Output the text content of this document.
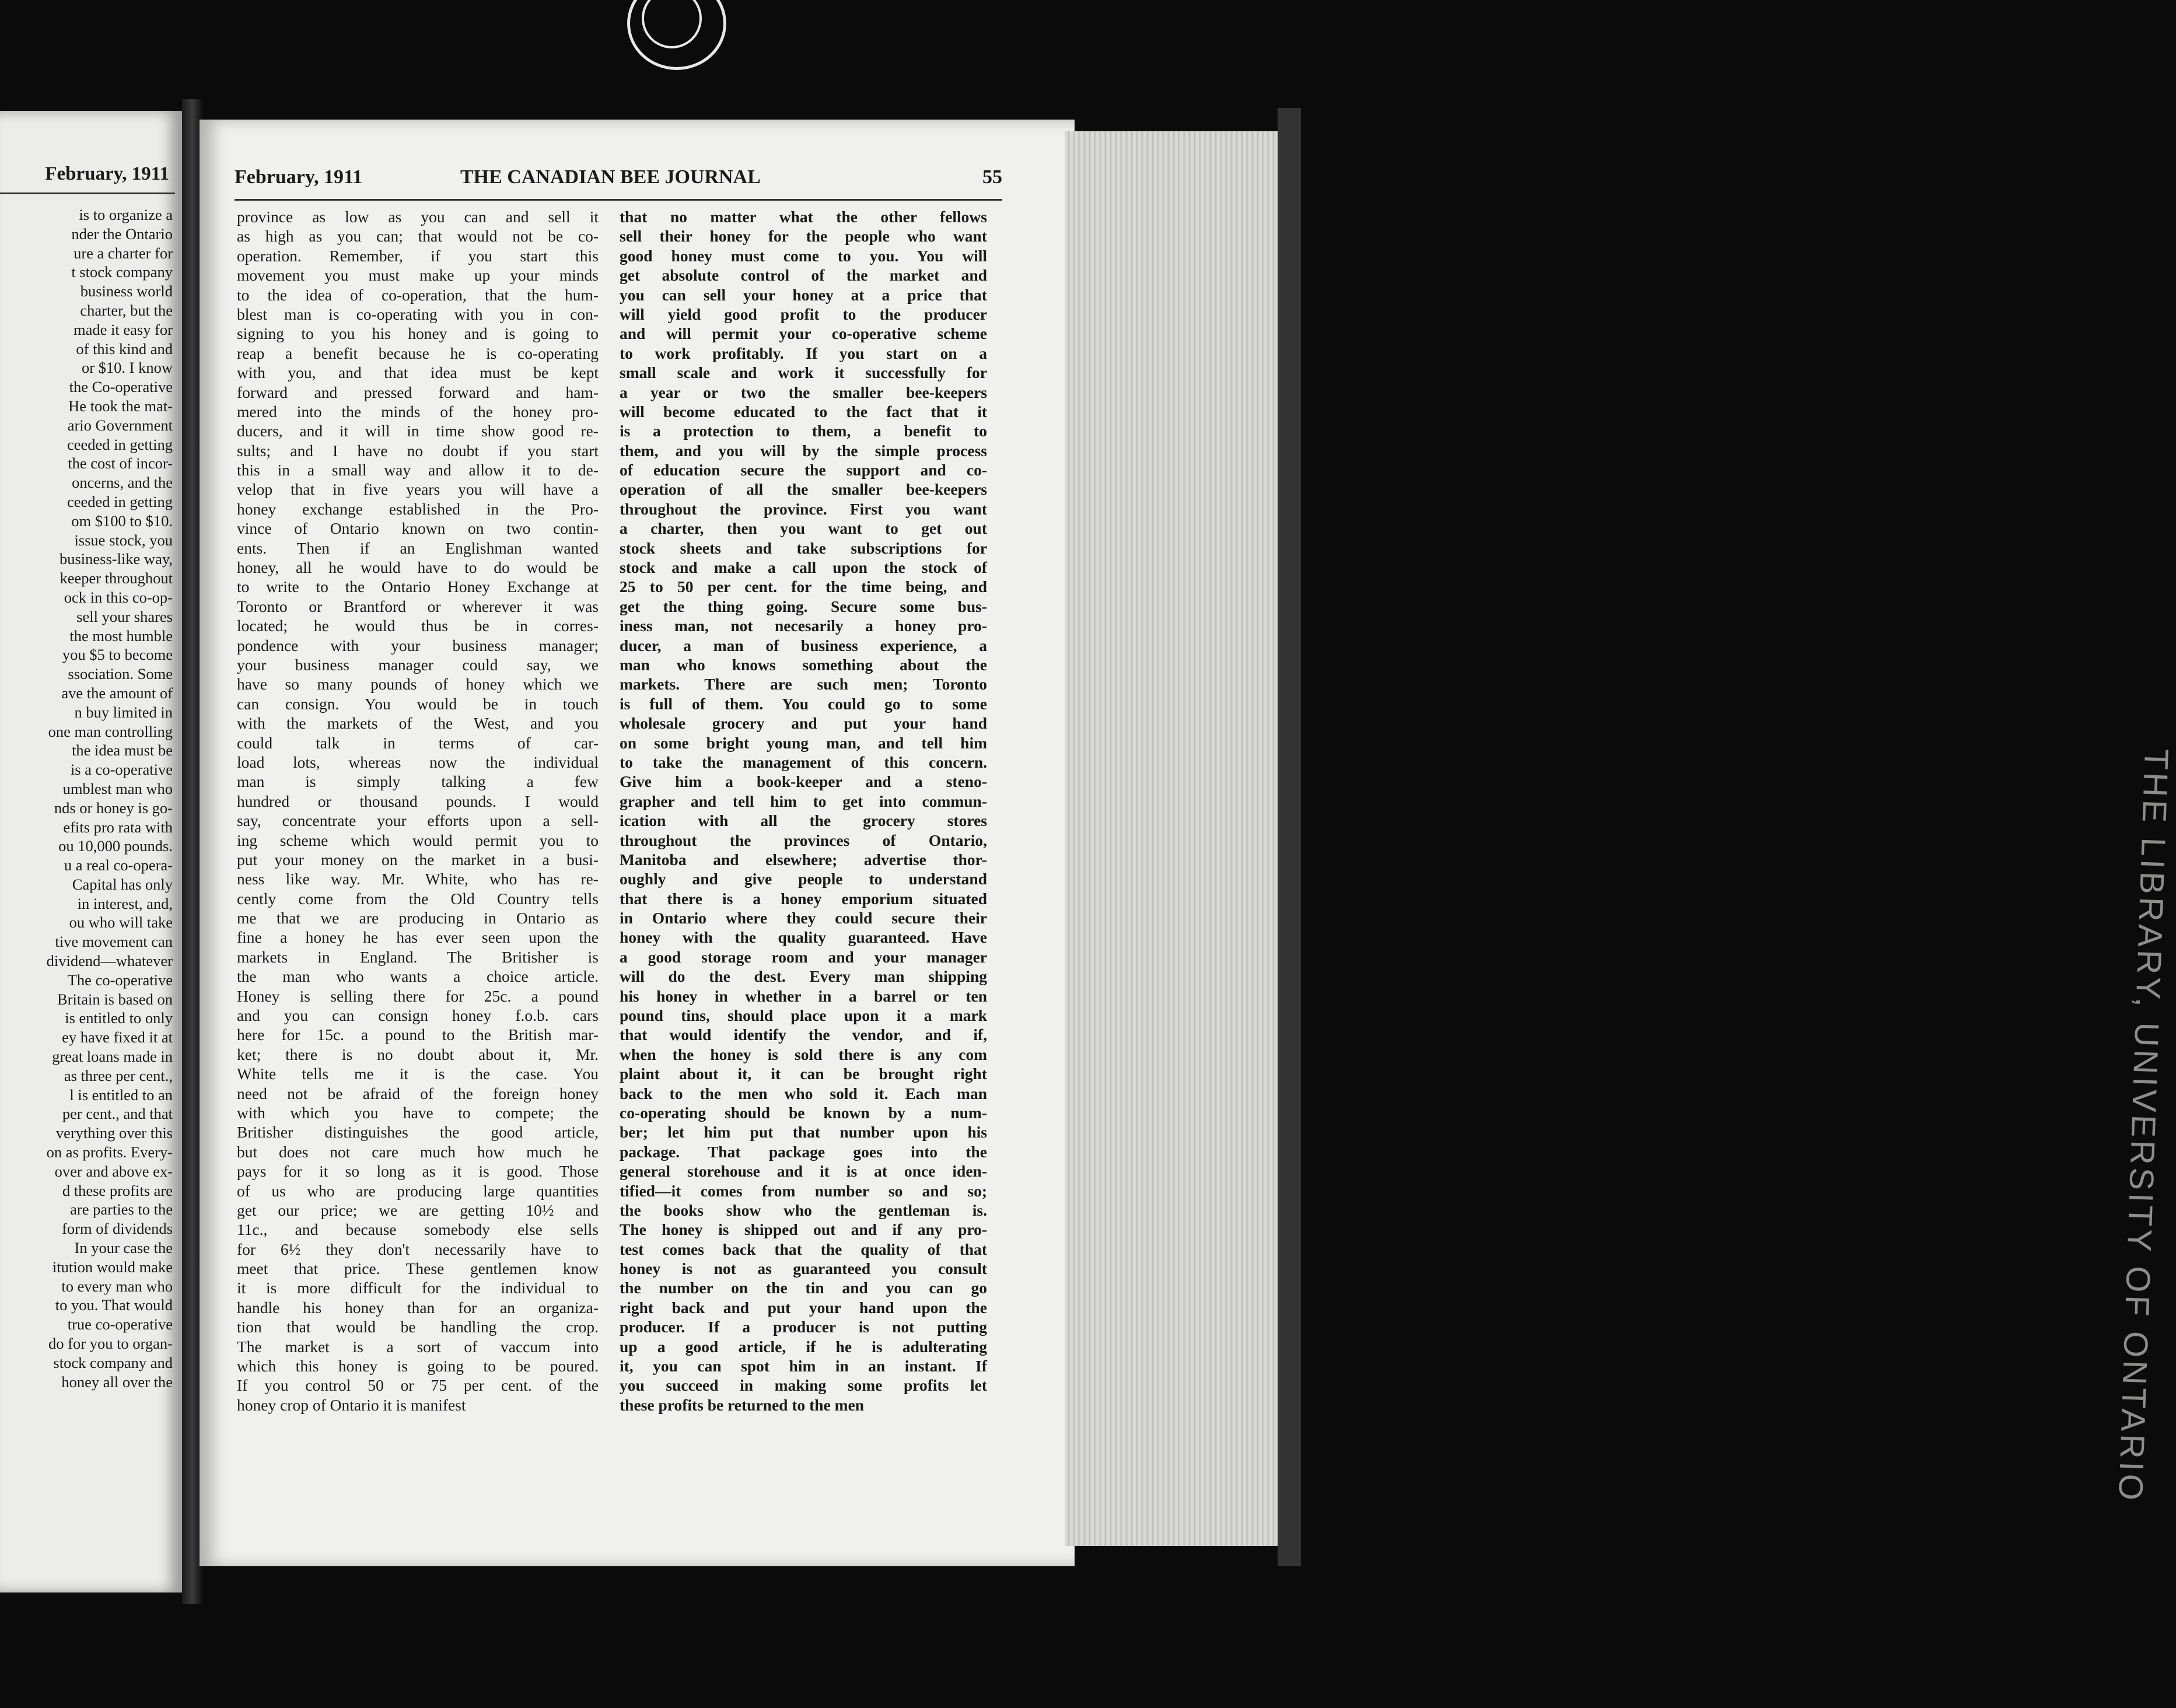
February, 1911
is to organize a
nder the Ontario
ure a charter for
t stock company
business world
charter, but the
made it easy for
of this kind and
or $10. I know
the Co-operative
He took the mat-
ario Government
ceeded in getting
the cost of incor-
oncerns, and the
ceeded in getting
om $100 to $10.
issue stock, you
business-like way,
keeper throughout
ock in this co-op-
sell your shares
the most humble
you $5 to become
ssociation. Some
ave the amount of
n buy limited in
one man controlling
the idea must be
is a co-operative
umblest man who
nds or honey is go-
efits pro rata with
ou 10,000 pounds.
u a real co-opera-
Capital has only
in interest, and,
ou who will take
tive movement can
dividend—whatever
The co-operative
Britain is based on
is entitled to only
ey have fixed it at
great loans made in
as three per cent.,
l is entitled to an
per cent., and that
verything over this
on as profits. Every-
over and above ex-
d these profits are
are parties to the
form of dividends
In your case the
itution would make
to every man who
to you. That would
true co-operative
do for you to organ-
stock company and
honey all over the
February, 1911	THE CANADIAN BEE JOURNAL	55
province as low as you can and sell it
as high as you can; that would not be co-
operation. Remember, if you start this
movement you must make up your minds
to the idea of co-operation, that the hum-
blest man is co-operating with you in con-
signing to you his honey and is going to
reap a benefit because he is co-operating
with you, and that idea must be kept
forward and pressed forward and ham-
mered into the minds of the honey pro-
ducers, and it will in time show good re-
sults; and I have no doubt if you start
this in a small way and allow it to de-
velop that in five years you will have a
honey exchange established in the Pro-
vince of Ontario known on two contin-
ents. Then if an Englishman wanted
honey, all he would have to do would be
to write to the Ontario Honey Exchange at
Toronto or Brantford or wherever it was
located; he would thus be in corres-
pondence with your business manager;
your business manager could say, we
have so many pounds of honey which we
can consign. You would be in touch
with the markets of the West, and you
could talk in terms of car-
load lots, whereas now the individual
man is simply talking a few
hundred or thousand pounds. I would
say, concentrate your efforts upon a sell-
ing scheme which would permit you to
put your money on the market in a busi-
ness like way. Mr. White, who has re-
cently come from the Old Country tells
me that we are producing in Ontario as
fine a honey he has ever seen upon the
markets in England. The Britisher is
the man who wants a choice article.
Honey is selling there for 25c. a pound
and you can consign honey f.o.b. cars
here for 15c. a pound to the British mar-
ket; there is no doubt about it, Mr.
White tells me it is the case. You
need not be afraid of the foreign honey
with which you have to compete; the
Britisher distinguishes the good article,
but does not care much how much he
pays for it so long as it is good. Those
of us who are producing large quantities
get our price; we are getting 10½ and
11c., and because somebody else sells
for 6½ they don't necessarily have to
meet that price. These gentlemen know
it is more difficult for the individual to
handle his honey than for an organiza-
tion that would be handling the crop.
The market is a sort of vaccum into
which this honey is going to be poured.
If you control 50 or 75 per cent. of the
honey crop of Ontario it is manifest
that no matter what the other fellows
sell their honey for the people who want
good honey must come to you. You will
get absolute control of the market and
you can sell your honey at a price that
will yield good profit to the producer
and will permit your co-operative scheme
to work profitably. If you start on a
small scale and work it successfully for
a year or two the smaller bee-keepers
will become educated to the fact that it
is a protection to them, a benefit to
them, and you will by the simple process
of education secure the support and co-
operation of all the smaller bee-keepers
throughout the province. First you want
a charter, then you want to get out
stock sheets and take subscriptions for
stock and make a call upon the stock of
25 to 50 per cent. for the time being, and
get the thing going. Secure some bus-
iness man, not necesarily a honey pro-
ducer, a man of business experience, a
man who knows something about the
markets. There are such men; Toronto
is full of them. You could go to some
wholesale grocery and put your hand
on some bright young man, and tell him
to take the management of this concern.
Give him a book-keeper and a steno-
grapher and tell him to get into commun-
ication with all the grocery stores
throughout the provinces of Ontario,
Manitoba and elsewhere; advertise thor-
oughly and give people to understand
that there is a honey emporium situated
in Ontario where they could secure their
honey with the quality guaranteed. Have
a good storage room and your manager
will do the dest. Every man shipping
his honey in whether in a barrel or ten
pound tins, should place upon it a mark
that would identify the vendor, and if,
when the honey is sold there is any com
plaint about it, it can be brought right
back to the men who sold it. Each man
co-operating should be known by a num-
ber; let him put that number upon his
package. That package goes into the
general storehouse and it is at once iden-
tified—it comes from number so and so;
the books show who the gentleman is.
The honey is shipped out and if any pro-
test comes back that the quality of that
honey is not as guaranteed you consult
the number on the tin and you can go
right back and put your hand upon the
producer. If a producer is not putting
up a good article, if he is adulterating
it, you can spot him in an instant. If
you succeed in making some profits let
these profits be returned to the men	THE LIBRARY, UNIVERSITY OF ONTARIO
